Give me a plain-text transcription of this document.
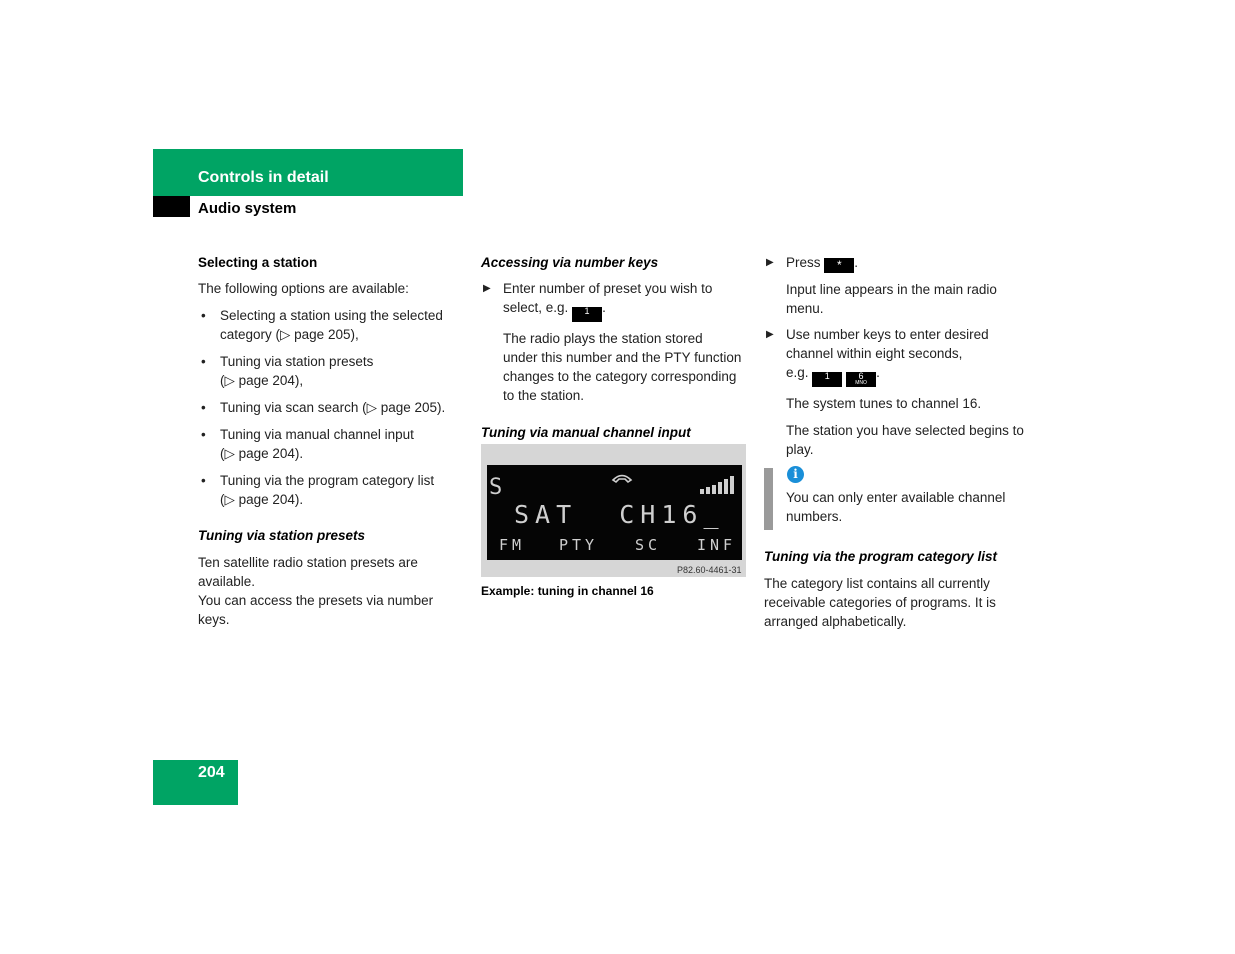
Controls in detail
Audio system

Selecting a station

The following options are available:

• Selecting a station using the selected
category (▷ page 205),
• Tuning via station presets
(▷ page 204),
• Tuning via scan search (▷ page 205).
• Tuning via manual channel input
(▷ page 204).
• Tuning via the program category list
(▷ page 204).

Tuning via station presets

Ten satellite radio station presets are
available.
You can access the presets via number
keys.

Accessing via number keys

▶ Enter number of preset you wish to
select, e.g. 1 .
The radio plays the station stored
under this number and the PTY function
changes to the category corresponding
to the station.

Tuning via manual channel input

S
SAT  CH16_
FM PTY SC INF
P82.60-4461-31
Example: tuning in channel 16
▶ Press * .
Input line appears in the main radio
menu.
▶ Use number keys to enter desired
channel within eight seconds,
e.g. 1	6
MNO
.
The system tunes to channel 16.
The station you have selected begins to
play.
i
You can only enter available channel
numbers.

Tuning via the program category list

The category list contains all currently
receivable categories of programs. It is
arranged alphabetically.
204
